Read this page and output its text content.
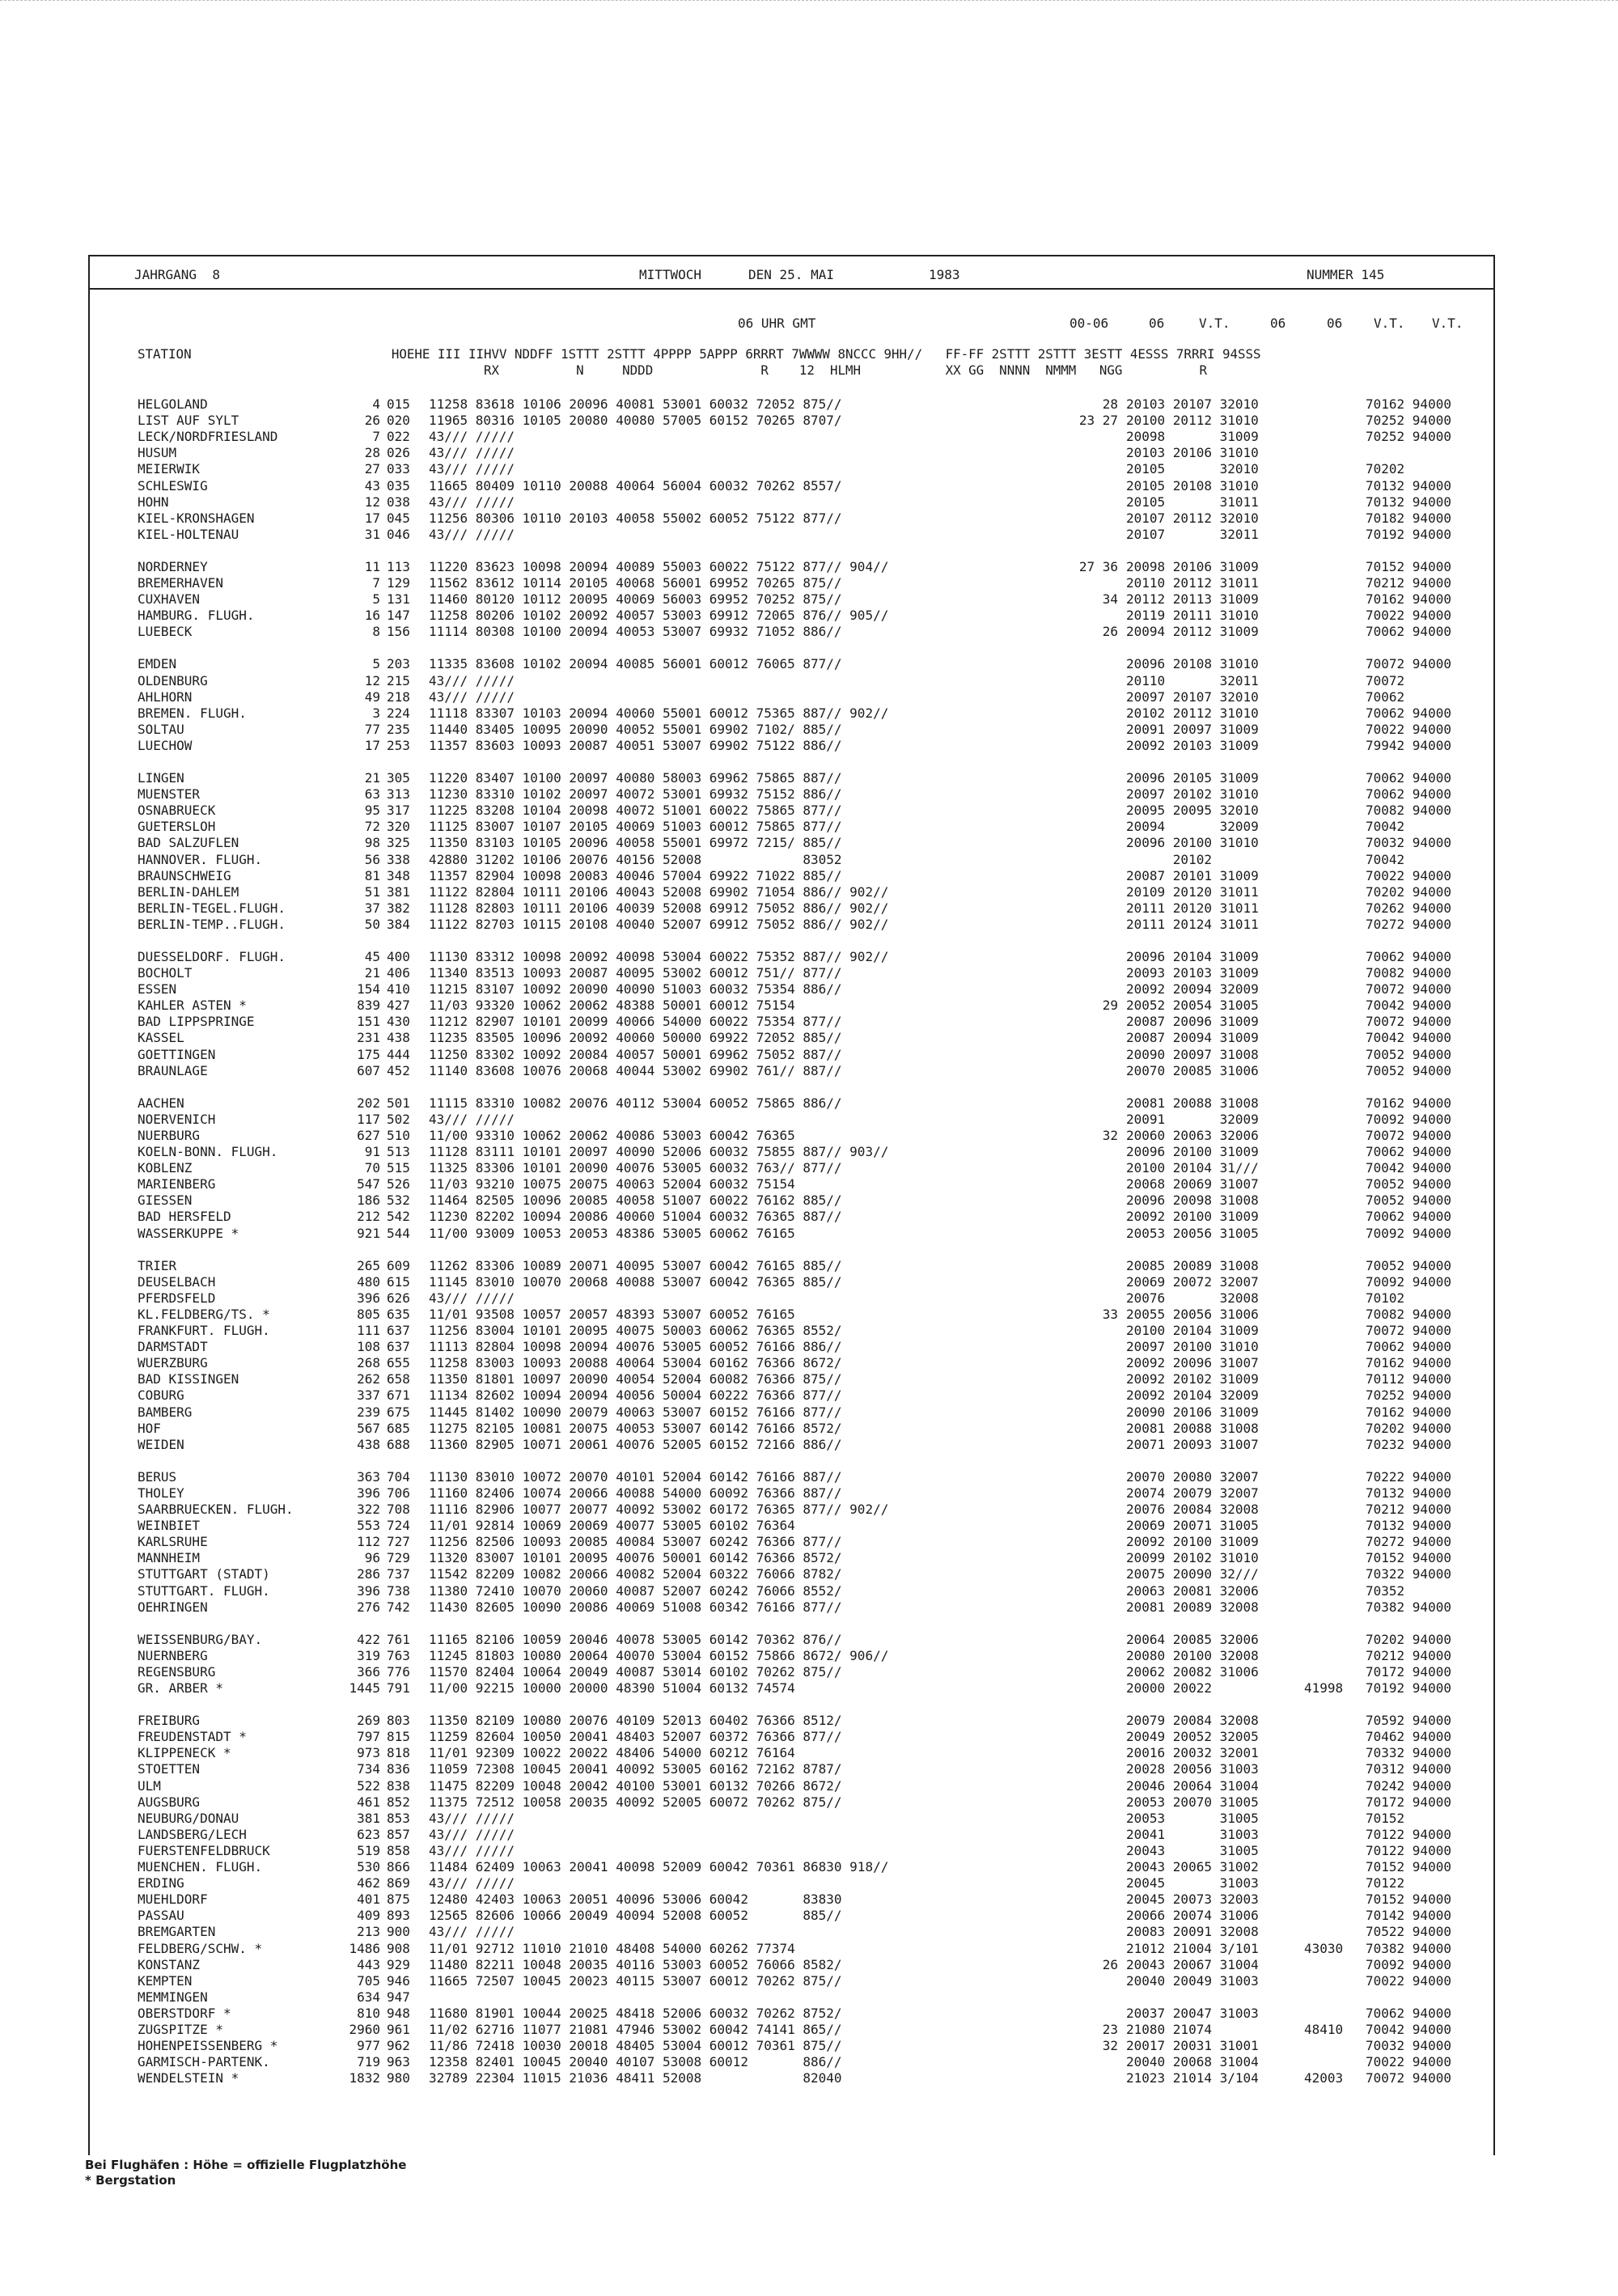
JAHRGANG  8	MITTWOCH	DEN 25. MAI	1983	NUMMER 145
06 UHR GMT	00-06	06	V.T.	06	06 V.T. V.T.
STATION                          HOEHE III IIHVV NDDFF 1STTT 2STTT 4PPPP 5APPP 6RRRT 7WWWW 8NCCC 9HH//   FF-FF 2STTT 2STTT 3ESTT 4ESSS 7RRRI 94SSS
RX          N     NDDD              R    12  HLMH           XX GG  NNNN  NMMM   NGG          R
HELGOLAND	4 015 11258 83618 10106 20096 40081 53001 60032 72052 875//	28 20103 20107 32010	70162 94000
LIST AUF SYLT	26 020 11965 80316 10105 20080 40080 57005 60152 70265 8707/	23 27 20100 20112 31010	70252 94000
LECK/NORDFRIESLAND	7 022 43/// /////	20098       31009	70252 94000
HUSUM	28 026 43/// /////	20103 20106 31010
MEIERWIK	27 033 43/// /////	20105       32010	70202
SCHLESWIG	43 035 11665 80409 10110 20088 40064 56004 60032 70262 8557/	20105 20108 31010	70132 94000
HOHN	12 038 43/// /////	20105       31011	70132 94000
KIEL-KRONSHAGEN	17 045 11256 80306 10110 20103 40058 55002 60052 75122 877//	20107 20112 32010	70182 94000
KIEL-HOLTENAU	31 046 43/// /////	20107       32011	70192 94000
NORDERNEY	11 113 11220 83623 10098 20094 40089 55003 60022 75122 877// 904//	27 36 20098 20106 31009	70152 94000
BREMERHAVEN	7 129 11562 83612 10114 20105 40068 56001 69952 70265 875//	20110 20112 31011	70212 94000
CUXHAVEN	5 131 11460 80120 10112 20095 40069 56003 69952 70252 875//	34 20112 20113 31009	70162 94000
HAMBURG. FLUGH.	16 147 11258 80206 10102 20092 40057 53003 69912 72065 876// 905//	20119 20111 31010	70022 94000
LUEBECK	8 156 11114 80308 10100 20094 40053 53007 69932 71052 886//	26 20094 20112 31009	70062 94000
EMDEN	5 203 11335 83608 10102 20094 40085 56001 60012 76065 877//	20096 20108 31010	70072 94000
OLDENBURG	12 215 43/// /////	20110       32011	70072
AHLHORN	49 218 43/// /////	20097 20107 32010	70062
BREMEN. FLUGH.	3 224 11118 83307 10103 20094 40060 55001 60012 75365 887// 902//	20102 20112 31010	70062 94000
SOLTAU	77 235 11440 83405 10095 20090 40052 55001 69902 7102/ 885//	20091 20097 31009	70022 94000
LUECHOW	17 253 11357 83603 10093 20087 40051 53007 69902 75122 886//	20092 20103 31009	79942 94000
LINGEN	21 305 11220 83407 10100 20097 40080 58003 69962 75865 887//	20096 20105 31009	70062 94000
MUENSTER	63 313 11230 83310 10102 20097 40072 53001 69932 75152 886//	20097 20102 31010	70062 94000
OSNABRUECK	95 317 11225 83208 10104 20098 40072 51001 60022 75865 877//	20095 20095 32010	70082 94000
GUETERSLOH	72 320 11125 83007 10107 20105 40069 51003 60012 75865 877//	20094       32009	70042
BAD SALZUFLEN	98 325 11350 83103 10105 20096 40058 55001 69972 7215/ 885//	20096 20100 31010	70032 94000
HANNOVER. FLUGH.	56 338 42880 31202 10106 20076 40156 52008             83052	20102	70042
BRAUNSCHWEIG	81 348 11357 82904 10098 20083 40046 57004 69922 71022 885//	20087 20101 31009	70022 94000
BERLIN-DAHLEM	51 381 11122 82804 10111 20106 40043 52008 69902 71054 886// 902//	20109 20120 31011	70202 94000
BERLIN-TEGEL.FLUGH.	37 382 11128 82803 10111 20106 40039 52008 69912 75052 886// 902//	20111 20120 31011	70262 94000
BERLIN-TEMP..FLUGH.	50 384 11122 82703 10115 20108 40040 52007 69912 75052 886// 902//	20111 20124 31011	70272 94000
DUESSELDORF. FLUGH.	45 400 11130 83312 10098 20092 40098 53004 60022 75352 887// 902//	20096 20104 31009	70062 94000
BOCHOLT	21 406 11340 83513 10093 20087 40095 53002 60012 751// 877//	20093 20103 31009	70082 94000
ESSEN	154 410 11215 83107 10092 20090 40090 51003 60032 75354 886//	20092 20094 32009	70072 94000
KAHLER ASTEN *	839 427 11/03 93320 10062 20062 48388 50001 60012 75154	29 20052 20054 31005	70042 94000
BAD LIPPSPRINGE	151 430 11212 82907 10101 20099 40066 54000 60022 75354 877//	20087 20096 31009	70072 94000
KASSEL	231 438 11235 83505 10096 20092 40060 50000 69922 72052 885//	20087 20094 31009	70042 94000
GOETTINGEN	175 444 11250 83302 10092 20084 40057 50001 69962 75052 887//	20090 20097 31008	70052 94000
BRAUNLAGE	607 452 11140 83608 10076 20068 40044 53002 69902 761// 887//	20070 20085 31006	70052 94000
AACHEN	202 501 11115 83310 10082 20076 40112 53004 60052 75865 886//	20081 20088 31008	70162 94000
NOERVENICH	117 502 43/// /////	20091       32009	70092 94000
NUERBURG	627 510 11/00 93310 10062 20062 40086 53003 60042 76365	32 20060 20063 32006	70072 94000
KOELN-BONN. FLUGH.	91 513 11128 83111 10101 20097 40090 52006 60032 75855 887// 903//	20096 20100 31009	70062 94000
KOBLENZ	70 515 11325 83306 10101 20090 40076 53005 60032 763// 877//	20100 20104 31///	70042 94000
MARIENBERG	547 526 11/03 93210 10075 20075 40063 52004 60032 75154	20068 20069 31007	70052 94000
GIESSEN	186 532 11464 82505 10096 20085 40058 51007 60022 76162 885//	20096 20098 31008	70052 94000
BAD HERSFELD	212 542 11230 82202 10094 20086 40060 51004 60032 76365 887//	20092 20100 31009	70062 94000
WASSERKUPPE *	921 544 11/00 93009 10053 20053 48386 53005 60062 76165	20053 20056 31005	70092 94000
TRIER	265 609 11262 83306 10089 20071 40095 53007 60042 76165 885//	20085 20089 31008	70052 94000
DEUSELBACH	480 615 11145 83010 10070 20068 40088 53007 60042 76365 885//	20069 20072 32007	70092 94000
PFERDSFELD	396 626 43/// /////	20076       32008	70102
KL.FELDBERG/TS. *	805 635 11/01 93508 10057 20057 48393 53007 60052 76165	33 20055 20056 31006	70082 94000
FRANKFURT. FLUGH.	111 637 11256 83004 10101 20095 40075 50003 60062 76365 8552/	20100 20104 31009	70072 94000
DARMSTADT	108 637 11113 82804 10098 20094 40076 53005 60052 76166 886//	20097 20100 31010	70062 94000
WUERZBURG	268 655 11258 83003 10093 20088 40064 53004 60162 76366 8672/	20092 20096 31007	70162 94000
BAD KISSINGEN	262 658 11350 81801 10097 20090 40054 52004 60082 76366 875//	20092 20102 31009	70112 94000
COBURG	337 671 11134 82602 10094 20094 40056 50004 60222 76366 877//	20092 20104 32009	70252 94000
BAMBERG	239 675 11445 81402 10090 20079 40063 53007 60152 76166 877//	20090 20106 31009	70162 94000
HOF	567 685 11275 82105 10081 20075 40053 53007 60142 76166 8572/	20081 20088 31008	70202 94000
WEIDEN	438 688 11360 82905 10071 20061 40076 52005 60152 72166 886//	20071 20093 31007	70232 94000
BERUS	363 704 11130 83010 10072 20070 40101 52004 60142 76166 887//	20070 20080 32007	70222 94000
THOLEY	396 706 11160 82406 10074 20066 40088 54000 60092 76366 887//	20074 20079 32007	70132 94000
SAARBRUECKEN. FLUGH.	322 708 11116 82906 10077 20077 40092 53002 60172 76365 877// 902//	20076 20084 32008	70212 94000
WEINBIET	553 724 11/01 92814 10069 20069 40077 53005 60102 76364	20069 20071 31005	70132 94000
KARLSRUHE	112 727 11256 82506 10093 20085 40084 53007 60242 76366 877//	20092 20100 31009	70272 94000
MANNHEIM	96 729 11320 83007 10101 20095 40076 50001 60142 76366 8572/	20099 20102 31010	70152 94000
STUTTGART (STADT)	286 737 11542 82209 10082 20066 40082 52004 60322 76066 8782/	20075 20090 32///	70322 94000
STUTTGART. FLUGH.	396 738 11380 72410 10070 20060 40087 52007 60242 76066 8552/	20063 20081 32006	70352
OEHRINGEN	276 742 11430 82605 10090 20086 40069 51008 60342 76166 877//	20081 20089 32008	70382 94000
WEISSENBURG/BAY.	422 761 11165 82106 10059 20046 40078 53005 60142 70362 876//	20064 20085 32006	70202 94000
NUERNBERG	319 763 11245 81803 10080 20064 40070 53004 60152 75866 8672/ 906//	20080 20100 32008	70212 94000
REGENSBURG	366 776 11570 82404 10064 20049 40087 53014 60102 70262 875//	20062 20082 31006	70172 94000
GR. ARBER *	1445 791 11/00 92215 10000 20000 48390 51004 60132 74574	20000 20022	41998 70192 94000
FREIBURG	269 803 11350 82109 10080 20076 40109 52013 60402 76366 8512/	20079 20084 32008	70592 94000
FREUDENSTADT *	797 815 11259 82604 10050 20041 48403 52007 60372 76366 877//	20049 20052 32005	70462 94000
KLIPPENECK *	973 818 11/01 92309 10022 20022 48406 54000 60212 76164	20016 20032 32001	70332 94000
STOETTEN	734 836 11059 72308 10045 20041 40092 53005 60162 72162 8787/	20028 20056 31003	70312 94000
ULM	522 838 11475 82209 10048 20042 40100 53001 60132 70266 8672/	20046 20064 31004	70242 94000
AUGSBURG	461 852 11375 72512 10058 20035 40092 52005 60072 70262 875//	20053 20070 31005	70172 94000
NEUBURG/DONAU	381 853 43/// /////	20053       31005	70152
LANDSBERG/LECH	623 857 43/// /////	20041       31003	70122 94000
FUERSTENFELDBRUCK	519 858 43/// /////	20043       31005	70122 94000
MUENCHEN. FLUGH.	530 866 11484 62409 10063 20041 40098 52009 60042 70361 86830 918//	20043 20065 31002	70152 94000
ERDING	462 869 43/// /////	20045       31003	70122
MUEHLDORF	401 875 12480 42403 10063 20051 40096 53006 60042       83830	20045 20073 32003	70152 94000
PASSAU	409 893 12565 82606 10066 20049 40094 52008 60052       885//	20066 20074 31006	70142 94000
BREMGARTEN	213 900 43/// /////	20083 20091 32008	70522 94000
FELDBERG/SCHW. *	1486 908 11/01 92712 11010 21010 48408 54000 60262 77374	21012 21004 3/101	43030 70382 94000
KONSTANZ	443 929 11480 82211 10048 20035 40116 53003 60052 76066 8582/	26 20043 20067 31004	70092 94000
KEMPTEN	705 946 11665 72507 10045 20023 40115 53007 60012 70262 875//	20040 20049 31003	70022 94000
MEMMINGEN	634 947
OBERSTDORF *	810 948 11680 81901 10044 20025 48418 52006 60032 70262 8752/	20037 20047 31003	70062 94000
ZUGSPITZE *	2960 961 11/02 62716 11077 21081 47946 53002 60042 74141 865//	23 21080 21074	48410 70042 94000
HOHENPEISSENBERG *	977 962 11/86 72418 10030 20018 48405 53004 60012 70361 875//	32 20017 20031 31001	70032 94000
GARMISCH-PARTENK.	719 963 12358 82401 10045 20040 40107 53008 60012       886//	20040 20068 31004	70022 94000
WENDELSTEIN *	1832 980 32789 22304 11015 21036 48411 52008             82040	21023 21014 3/104	42003 70072 94000
Bei Flughäfen : Höhe = offizielle Flugplatzhöhe
* Bergstation
